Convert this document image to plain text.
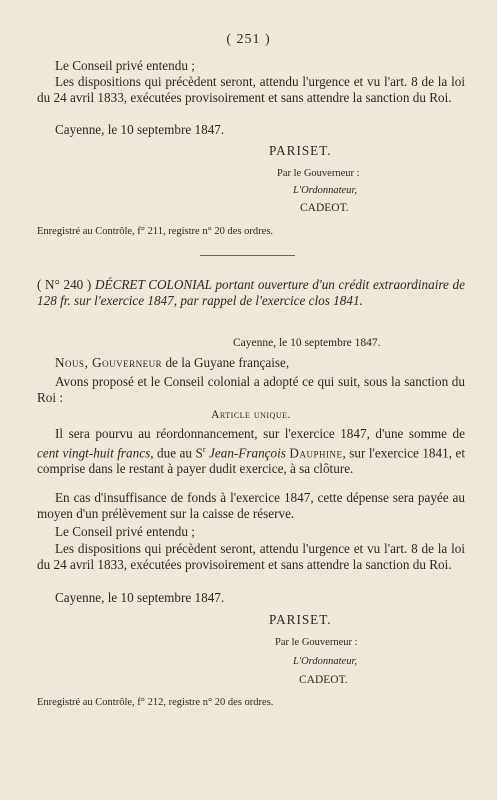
( 251 )

Le Conseil privé entendu ;

Les dispositions qui précèdent seront, attendu l'urgence et vu l'art. 8 de la loi du 24 avril 1833, exécutées provisoirement et sans attendre la sanction du Roi.

Cayenne, le 10 septembre 1847.

PARISET.
Par le Gouverneur :
L'Ordonnateur,
CADEOT.
Enregistré au Contrôle, f° 211, registre n° 20 des ordres.

( N° 240 ) DÉCRET COLONIAL portant ouverture d'un crédit extraordinaire de 128 fr. sur l'exercice 1847, par rappel de l'exercice clos 1841.

Cayenne, le 10 septembre 1847.

Nous, Gouverneur de la Guyane française,

Avons proposé et le Conseil colonial a adopté ce qui suit, sous la sanction du Roi :

Article unique.

Il sera pourvu au réordonnancement, sur l'exercice 1847, d'une somme de cent vingt-huit francs, due au $S^r$ Jean-François Dauphine, sur l'exercice 1841, et comprise dans le restant à payer dudit exercice, à sa clôture.

En cas d'insuffisance de fonds à l'exercice 1847, cette dépense sera payée au moyen d'un prélèvement sur la caisse de réserve.

Le Conseil privé entendu ;

Les dispositions qui précèdent seront, attendu l'urgence et vu l'art. 8 de la loi du 24 avril 1833, exécutées provisoirement et sans attendre la sanction du Roi.

Cayenne, le 10 septembre 1847.

PARISET.
Par le Gouverneur :
L'Ordonnateur,
CADEOT.
Enregistré au Contrôle, f° 212, registre n° 20 des ordres.
